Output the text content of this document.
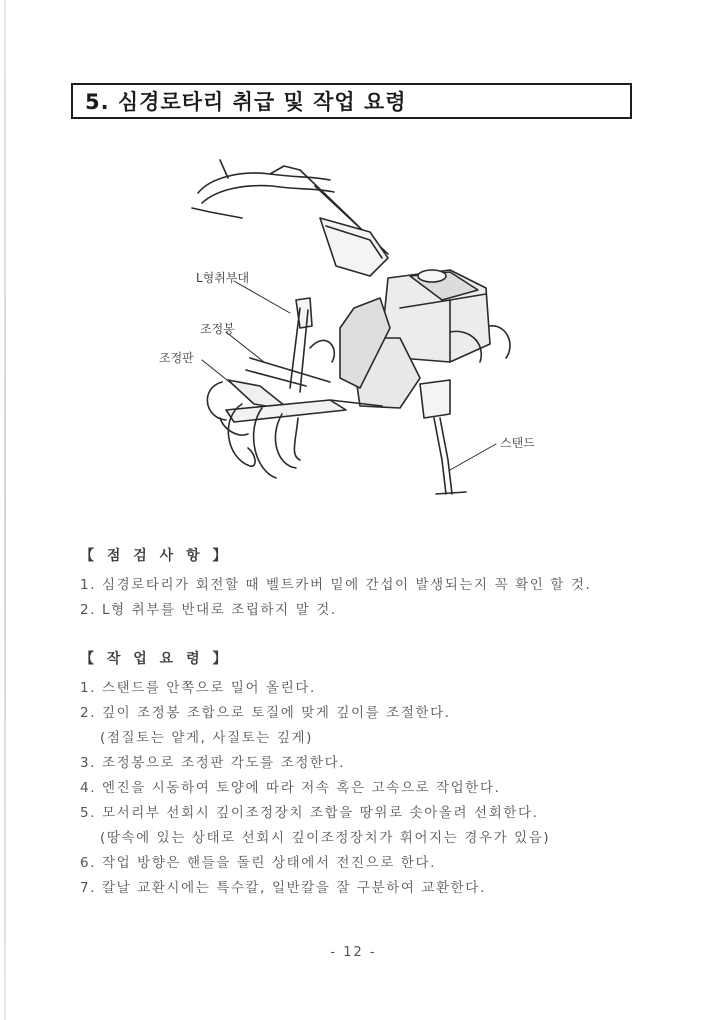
5. 심경로타리 취급 및 작업 요령
L형취부대
조정봉
조정판
스탠드
【 점 검 사 항 】
1. 심경로타리가 회전할 때 벨트카버 밑에 간섭이 발생되는지 꼭 확인 할 것.
2. L형 취부를 반대로 조립하지 말 것.
【 작 업 요 령 】
1. 스탠드를 안쪽으로 밀어 올린다.
2. 깊이 조정봉 조합으로 토질에 맞게 깊이를 조절한다.
(점질토는 얕게, 사질토는 깊게)
3. 조정봉으로 조정판 각도를 조정한다.
4. 엔진을 시동하여 토양에 따라 저속 혹은 고속으로 작업한다.
5. 모서리부 선회시 깊이조정장치 조합을 땅위로 솟아올려 선회한다.
(땅속에 있는 상태로 선회시 깊이조정장치가 휘어지는 경우가 있음)
6. 작업 방향은 핸들을 돌린 상태에서 전진으로 한다.
7. 칼날 교환시에는 특수칼, 일반칼을 잘 구분하여 교환한다.
- 12 -
